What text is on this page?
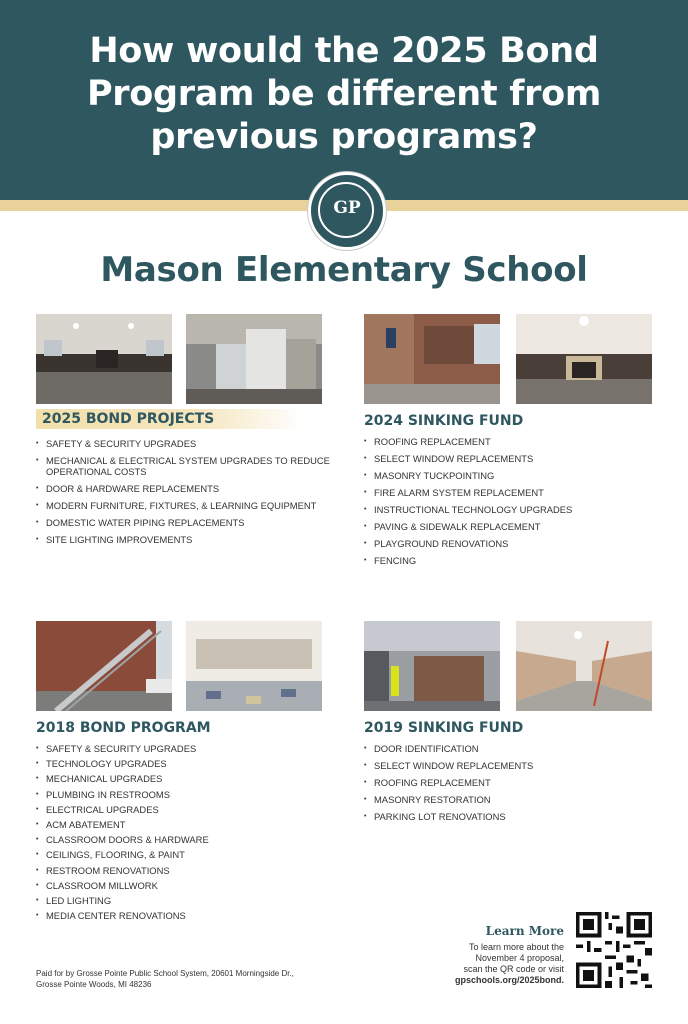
How would the 2025 Bond Program be different from previous programs?
GP
Mason Elementary School
2025 BOND PROJECTS
• SAFETY & SECURITY UPGRADES
• MECHANICAL & ELECTRICAL SYSTEM UPGRADES TO REDUCE OPERATIONAL COSTS
• DOOR & HARDWARE REPLACEMENTS
• MODERN FURNITURE, FIXTURES, & LEARNING EQUIPMENT
• DOMESTIC WATER PIPING REPLACEMENTS
• SITE LIGHTING IMPROVEMENTS
2024 SINKING FUND
• ROOFING REPLACEMENT
• SELECT WINDOW REPLACEMENTS
• MASONRY TUCKPOINTING
• FIRE ALARM SYSTEM REPLACEMENT
• INSTRUCTIONAL TECHNOLOGY UPGRADES
• PAVING & SIDEWALK REPLACEMENT
• PLAYGROUND RENOVATIONS
• FENCING
2018 BOND PROGRAM
• SAFETY & SECURITY UPGRADES
• TECHNOLOGY UPGRADES
• MECHANICAL UPGRADES
• PLUMBING IN RESTROOMS
• ELECTRICAL UPGRADES
• ACM ABATEMENT
• CLASSROOM DOORS & HARDWARE
• CEILINGS, FLOORING, & PAINT
• RESTROOM RENOVATIONS
• CLASSROOM MILLWORK
• LED LIGHTING
• MEDIA CENTER RENOVATIONS
2019 SINKING FUND
• DOOR IDENTIFICATION
• SELECT WINDOW REPLACEMENTS
• ROOFING REPLACEMENT
• MASONRY RESTORATION
• PARKING LOT RENOVATIONS
Paid for by Grosse Pointe Public School System, 20601 Morningside Dr.,
Grosse Pointe Woods, MI 48236
Learn More
To learn more about the
November 4 proposal,
scan the QR code or visit
gpschools.org/2025bond.
